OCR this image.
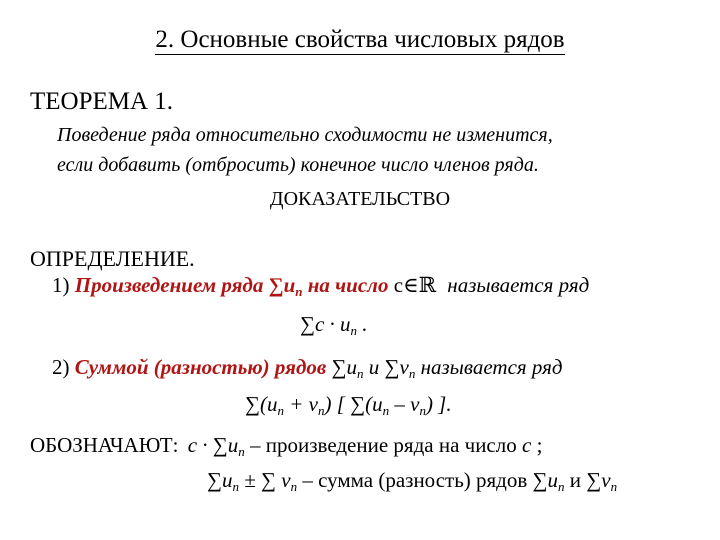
2. Основные свойства числовых рядов
ТЕОРЕМА 1.
Поведение ряда относительно сходимости не изменится,
если добавить (отбросить) конечное число членов ряда.
ДОКАЗАТЕЛЬСТВО
ОПРЕДЕЛЕНИЕ.
1) Произведением ряда $\sum u_n$ на число c∈ℝ называется ряд
$\sum c \cdot u_n$ .
2) Суммой (разностью) рядов $\sum u_n$ и $\sum v_n$ называется ряд
$\sum(u_n + v_n)$ [ $\sum(u_n - v_n)$ ].
ОБОЗНАЧАЮТ: $c \cdot \sum u_n$ – произведение ряда на число c ;
$\sum u_n$ ± ∑ $v_n$ – сумма (разность) рядов $\sum u_n$ и $\sum v_n$
